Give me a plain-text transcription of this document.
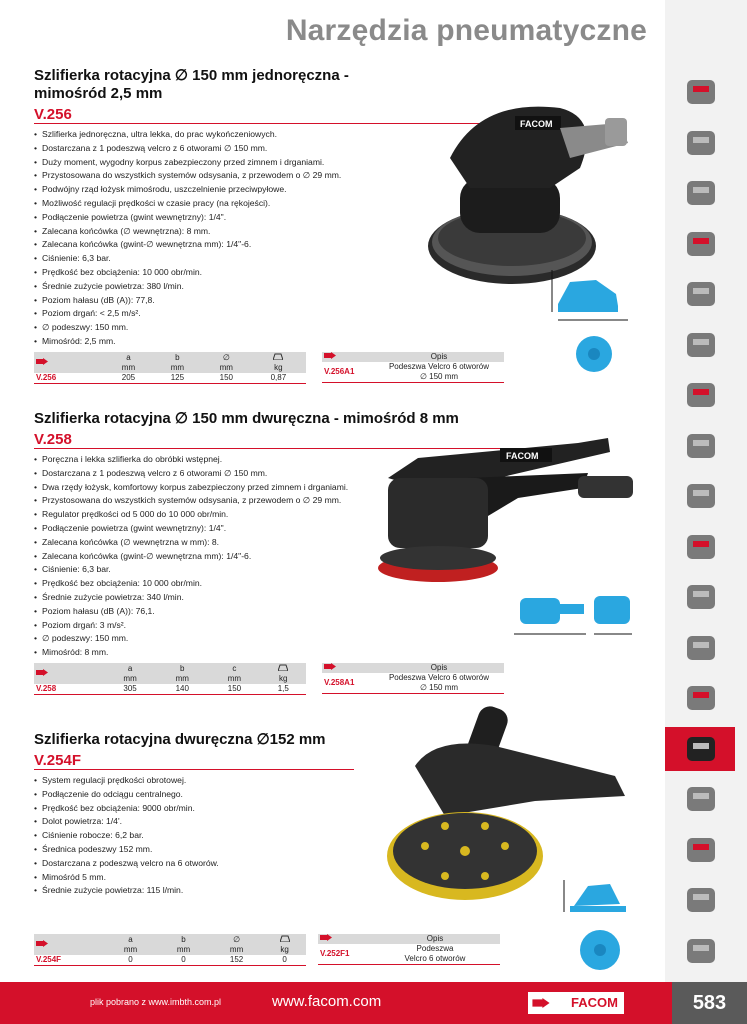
Narzędzia pneumatyczne
Szlifierka rotacyjna ∅ 150 mm jednoręczna -
mimośród 2,5 mm
V.256
• Szlifierka jednoręczna, ultra lekka, do prac wykończeniowych.
• Dostarczana z 1 podeszwą velcro z 6 otworami ∅ 150 mm.
• Duży moment, wygodny korpus zabezpieczony przed zimnem i drganiami.
• Przystosowana do wszystkich systemów odsysania, z przewodem o ∅ 29 mm.
• Podwójny rząd łożysk mimośrodu, uszczelnienie przeciwpyłowe.
• Możliwość regulacji prędkości w czasie pracy (na rękojeści).
• Podłączenie powietrza (gwint wewnętrzny): 1/4".
• Zalecana końcówka (∅ wewnętrzna): 8 mm.
• Zalecana końcówka (gwint-∅ wewnętrzna mm): 1/4"-6.
• Ciśnienie: 6,3 bar.
• Prędkość bez obciążenia: 10 000 obr/min.
• Średnie zużycie powietrza: 380 l/min.
• Poziom hałasu (dB (A)): 77,8.
• Poziom drgań: < 2,5 m/s².
• ∅ podeszwy: 150 mm.
• Mimośród: 2,5 mm.
	a	b	∅	
	mm	mm	mm	kg
V.256	205	125	150	0,87
	Opis
V.256A1	Podeszwa Velcro 6 otworów
∅ 150 mm
Szlifierka rotacyjna ∅ 150 mm dwuręczna - mimośród 8 mm
V.258
• Poręczna i lekka szlifierka do obróbki wstępnej.
• Dostarczana z 1 podeszwą velcro z 6 otworami ∅ 150 mm.
• Dwa rzędy łożysk, komfortowy korpus zabezpieczony przed zimnem i drganiami.
• Przystosowana do wszystkich systemów odsysania, z przewodem o ∅ 29 mm.
• Regulator prędkości od 5 000 do 10 000 obr/min.
• Podłączenie powietrza (gwint wewnętrzny): 1/4".
• Zalecana końcówka (∅ wewnętrzna w mm): 8.
• Zalecana końcówka (gwint-∅ wewnętrzna mm): 1/4"-6.
• Ciśnienie: 6,3 bar.
• Prędkość bez obciążenia: 10 000 obr/min.
• Średnie zużycie powietrza: 340 l/min.
• Poziom hałasu (dB (A)): 76,1.
• Poziom drgań: 3 m/s².
• ∅ podeszwy: 150 mm.
• Mimośród: 8 mm.
	a	b	c	
	mm	mm	mm	kg
V.258	305	140	150	1,5
	Opis
V.258A1	Podeszwa Velcro 6 otworów
∅ 150 mm
Szlifierka rotacyjna dwuręczna ∅152 mm
V.254F
• System regulacji prędkości obrotowej.
• Podłączenie do odciągu centralnego.
• Prędkość bez obciążenia: 9000 obr/min.
• Dolot powietrza: 1/4'.
• Ciśnienie robocze: 6,2 bar.
• Średnica podeszwy 152 mm.
• Dostarczana z podeszwą velcro na 6 otworów.
• Mimośród 5 mm.
• Średnie zużycie powietrza: 115 l/min.
	a	b	∅	
	mm	mm	mm	kg
V.254F	0	0	152	0
	Opis
V.252F1	Podeszwa
Velcro 6 otworów
FACOM
FACOM
plik pobrano z www.imbth.com.pl	www.facom.com	FACOM	583
